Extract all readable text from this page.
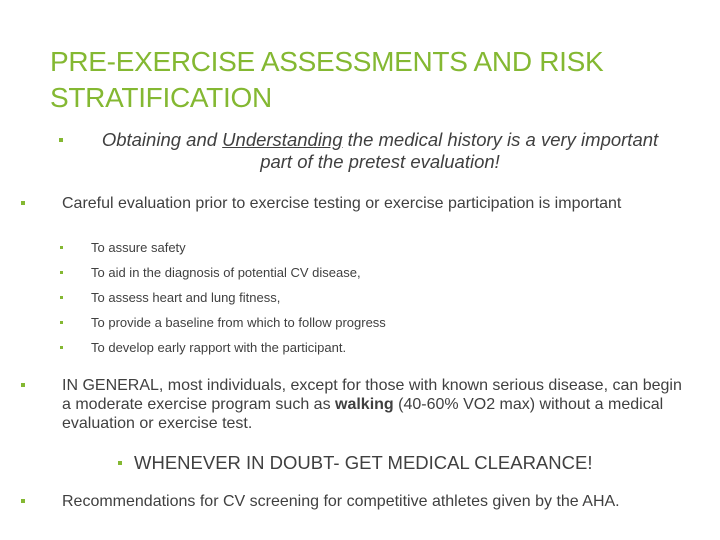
PRE-EXERCISE ASSESSMENTS AND RISK STRATIFICATION
Obtaining and Understanding the medical history is a very important part of the pretest evaluation!
Careful evaluation prior to exercise testing or exercise participation is important
To assure safety
To aid in the diagnosis of potential CV disease,
To assess heart and lung fitness,
To provide a baseline from which to follow progress
To develop early rapport with the participant.
IN GENERAL, most individuals, except for those with known serious disease, can begin a moderate exercise program such as walking (40-60% VO2 max) without a medical evaluation or exercise test.
WHENEVER IN DOUBT- GET MEDICAL CLEARANCE!
Recommendations for CV screening for competitive athletes given by the AHA.
